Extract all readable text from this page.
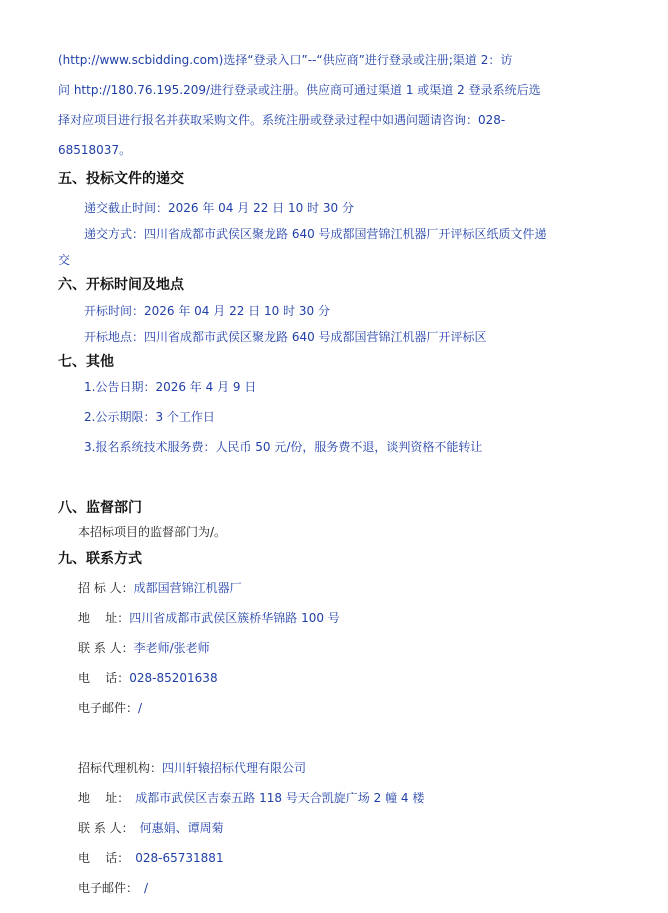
(http://www.scbidding.com)选择“登录入口”--“供应商”进行登录或注册;渠道 2：访
问 http://180.76.195.209/进行登录或注册。供应商可通过渠道 1 或渠道 2 登录系统后选
择对应项目进行报名并获取采购文件。系统注册或登录过程中如遇问题请咨询：028-
68518037。
五、投标文件的递交
递交截止时间：2026 年 04 月 22 日 10 时 30 分
递交方式：四川省成都市武侯区聚龙路 640 号成都国营锦江机器厂开评标区纸质文件递
交
六、开标时间及地点
开标时间：2026 年 04 月 22 日 10 时 30 分
开标地点：四川省成都市武侯区聚龙路 640 号成都国营锦江机器厂开评标区
七、其他
1.公告日期：2026 年 4 月 9 日
2.公示期限：3 个工作日
3.报名系统技术服务费：人民币 50 元/份，服务费不退，谈判资格不能转让
八、监督部门
本招标项目的监督部门为/。
九、联系方式
招 标 人：成都国营锦江机器厂
地    址：四川省成都市武侯区簇桥华锦路 100 号
联 系 人：李老师/张老师
电    话：028-85201638
电子邮件：/
招标代理机构：四川轩辕招标代理有限公司
地    址： 成都市武侯区吉泰五路 118 号天合凯旋广场 2 幢 4 楼
联 系 人： 何惠娟、谭周菊
电    话： 028-65731881
电子邮件： /
